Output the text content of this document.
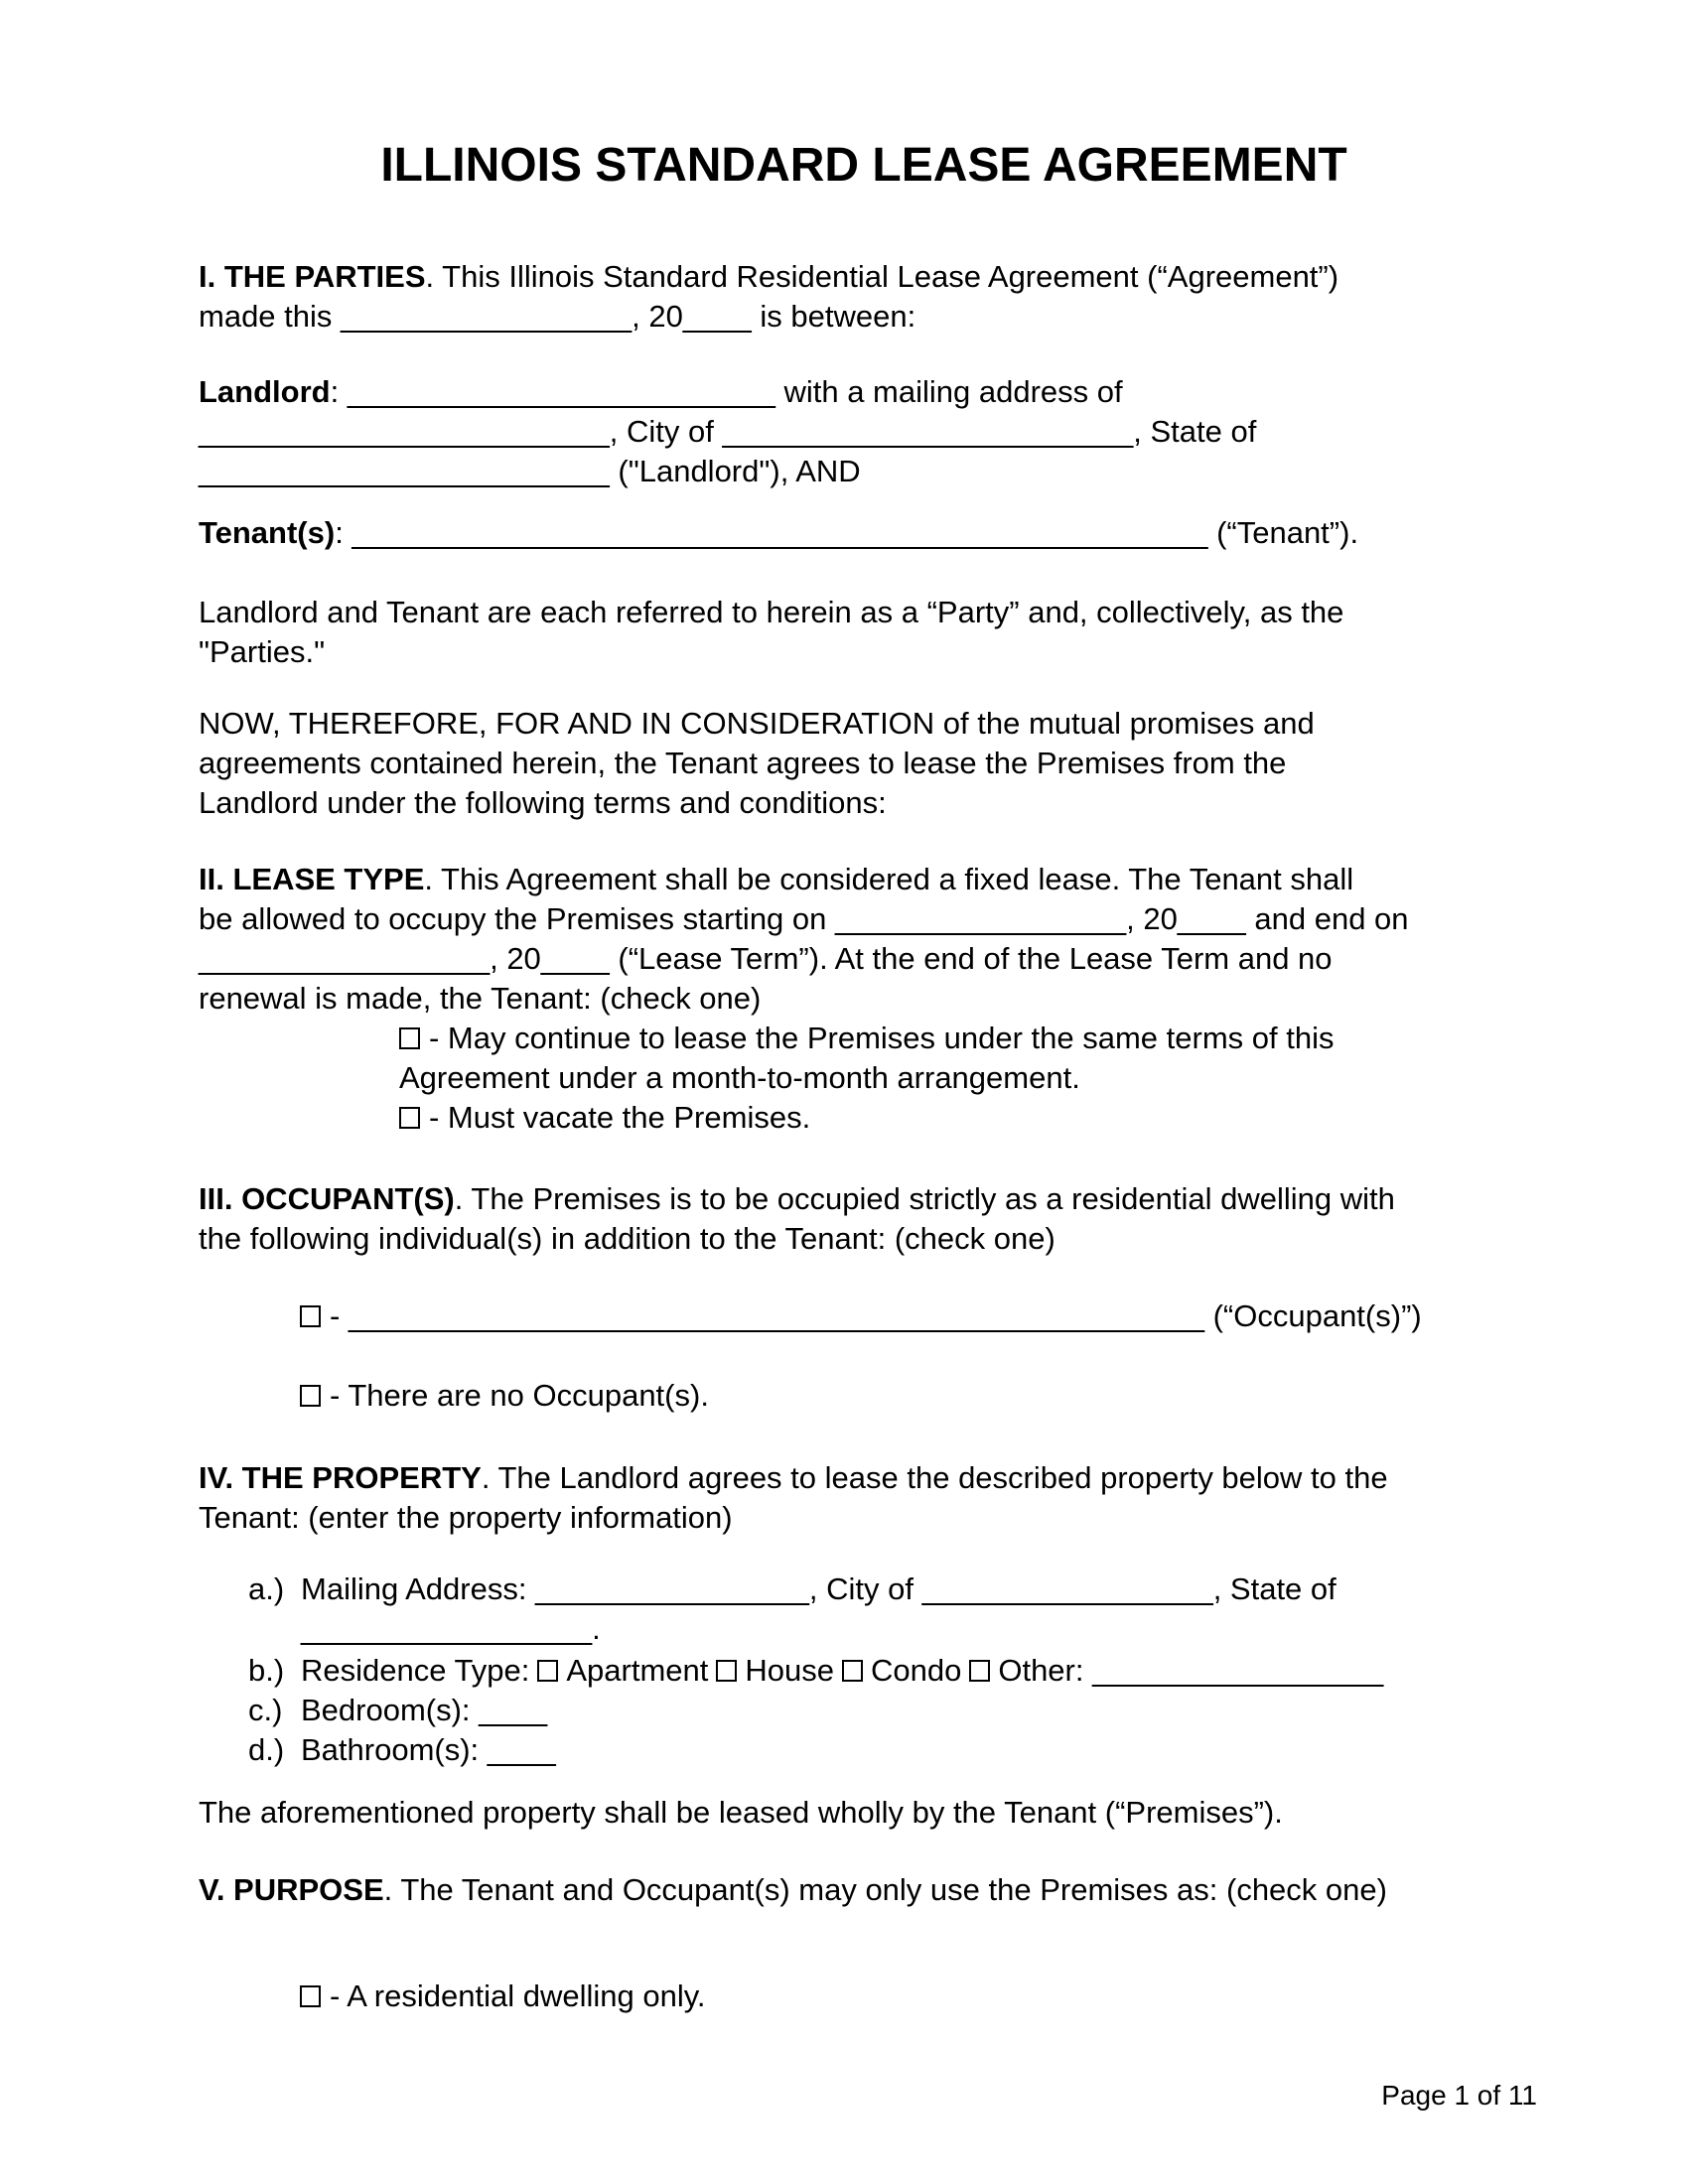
ILLINOIS STANDARD LEASE AGREEMENT
I. THE PARTIES. This Illinois Standard Residential Lease Agreement (“Agreement”)
made this _________________, 20____ is between:
Landlord: _________________________ with a mailing address of
________________________, City of ________________________, State of
________________________ ("Landlord"), AND
Tenant(s): __________________________________________________ (“Tenant”).
Landlord and Tenant are each referred to herein as a “Party” and, collectively, as the
"Parties."
NOW, THEREFORE, FOR AND IN CONSIDERATION of the mutual promises and
agreements contained herein, the Tenant agrees to lease the Premises from the
Landlord under the following terms and conditions:
II. LEASE TYPE. This Agreement shall be considered a fixed lease. The Tenant shall
be allowed to occupy the Premises starting on _________________, 20____ and end on
_________________, 20____ (“Lease Term”). At the end of the Lease Term and no
renewal is made, the Tenant: (check one)
- May continue to lease the Premises under the same terms of this
Agreement under a month-to-month arrangement.
- Must vacate the Premises.
III. OCCUPANT(S). The Premises is to be occupied strictly as a residential dwelling with
the following individual(s) in addition to the Tenant: (check one)
- __________________________________________________ (“Occupant(s)”)
- There are no Occupant(s).
IV. THE PROPERTY. The Landlord agrees to lease the described property below to the
Tenant: (enter the property information)
a.) Mailing Address: ________________, City of _________________, State of
_________________.
b.) Residence Type: Apartment House Condo Other: _________________
c.) Bedroom(s): ____
d.) Bathroom(s): ____
The aforementioned property shall be leased wholly by the Tenant (“Premises”).
V. PURPOSE. The Tenant and Occupant(s) may only use the Premises as: (check one)
- A residential dwelling only.
Page 1 of 11
